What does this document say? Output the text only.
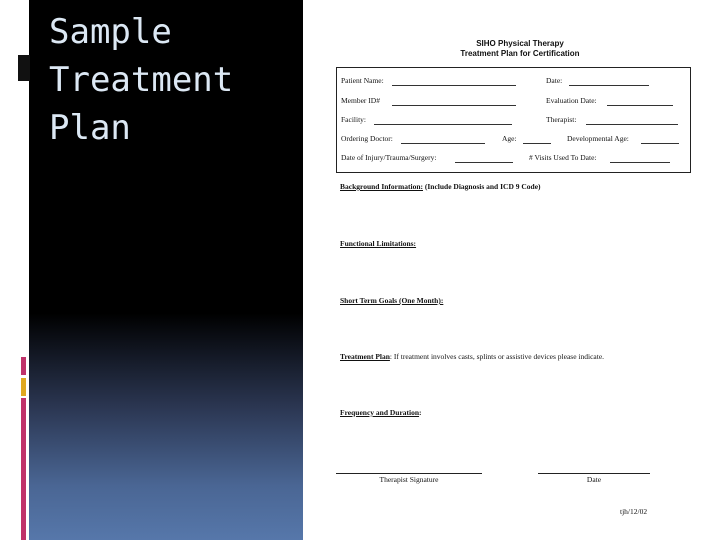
Sample
Treatment
Plan
SIHO Physical Therapy
Treatment Plan for Certification
Patient Name:	Date:
Member ID#	Evaluation Date:
Facility:	Therapist:
Ordering Doctor:	Age:	Developmental Age:
Date of Injury/Trauma/Surgery:	# Visits Used To Date:
Background Information: (Include Diagnosis and ICD 9 Code)
Functional Limitations:
Short Term Goals (One Month):
Treatment Plan: If treatment involves casts, splints or assistive devices please indicate.
Frequency and Duration:
Therapist Signature	Date
tjh/12/02
